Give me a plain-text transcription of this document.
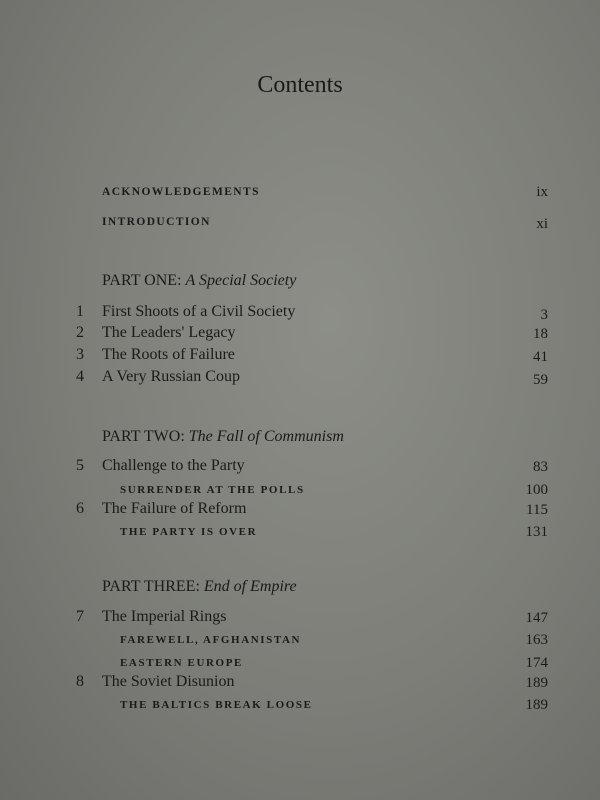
Contents
ACKNOWLEDGEMENTS	ix
INTRODUCTION	xi
PART ONE: A Special Society
1	First Shoots of a Civil Society	3
2	The Leaders' Legacy	18
3	The Roots of Failure	41
4	A Very Russian Coup	59
PART TWO: The Fall of Communism
5	Challenge to the Party	83
SURRENDER AT THE POLLS	100
6	The Failure of Reform	115
THE PARTY IS OVER	131
PART THREE: End of Empire
7	The Imperial Rings	147
FAREWELL, AFGHANISTAN	163
EASTERN EUROPE	174
8	The Soviet Disunion	189
THE BALTICS BREAK LOOSE	189
